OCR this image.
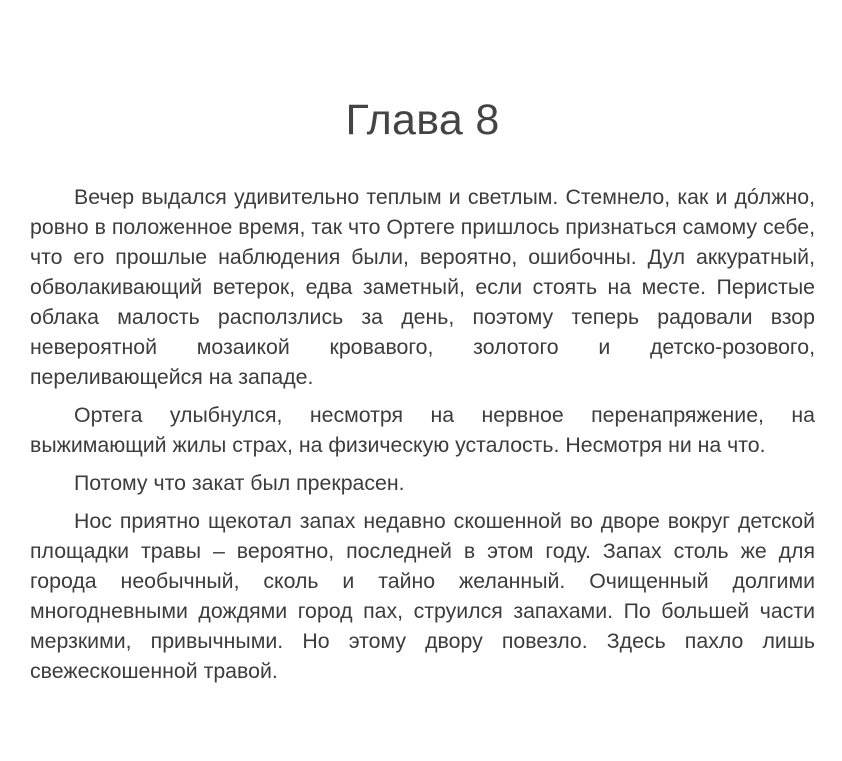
Глава 8

Вечер выдался удивительно теплым и светлым. Стемнело, как и дóлжно, ровно в положенное время, так что Ортеге пришлось признаться самому себе, что его прошлые наблюдения были, вероятно, ошибочны. Дул аккуратный, обволакивающий ветерок, едва заметный, если стоять на месте. Перистые облака малость расползлись за день, поэтому теперь радовали взор невероятной мозаикой кровавого, золотого и детско-розового, переливающейся на западе.

Ортега улыбнулся, несмотря на нервное перенапряжение, на выжимающий жилы страх, на физическую усталость. Несмотря ни на что.

Потому что закат был прекрасен.

Нос приятно щекотал запах недавно скошенной во дворе вокруг детской площадки травы – вероятно, последней в этом году. Запах столь же для города необычный, сколь и тайно желанный. Очищенный долгими многодневными дождями город пах, струился запахами. По большей части мерзкими, привычными. Но этому двору повезло. Здесь пахло лишь свежескошенной травой.
